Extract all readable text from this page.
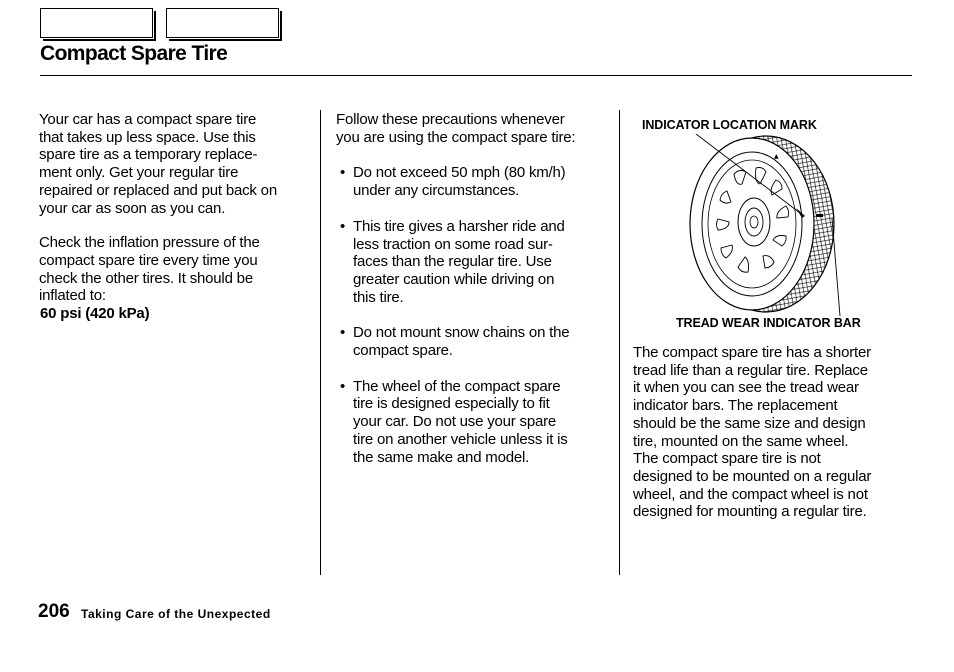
Compact Spare Tire

Your car has a compact spare tire
that takes up less space. Use this
spare tire as a temporary replace-
ment only. Get your regular tire
repaired or replaced and put back on
your car as soon as you can.

Check the inflation pressure of the
compact spare tire every time you
check the other tires. It should be
inflated to:

60 psi (420 kPa)

Follow these precautions whenever
you are using the compact spare tire:

• Do not exceed 50 mph (80 km/h)
under any circumstances.
• This tire gives a harsher ride and
less traction on some road sur-
faces than the regular tire. Use
greater caution while driving on
this tire.
• Do not mount snow chains on the
compact spare.
• The wheel of the compact spare
tire is designed especially to fit
your car. Do not use your spare
tire on another vehicle unless it is
the same make and model.
INDICATOR LOCATION MARK
▲
TREAD WEAR INDICATOR BAR

The compact spare tire has a shorter
tread life than a regular tire. Replace
it when you can see the tread wear
indicator bars. The replacement
should be the same size and design
tire, mounted on the same wheel.
The compact spare tire is not
designed to be mounted on a regular
wheel, and the compact wheel is not
designed for mounting a regular tire.

206 Taking Care of the Unexpected
